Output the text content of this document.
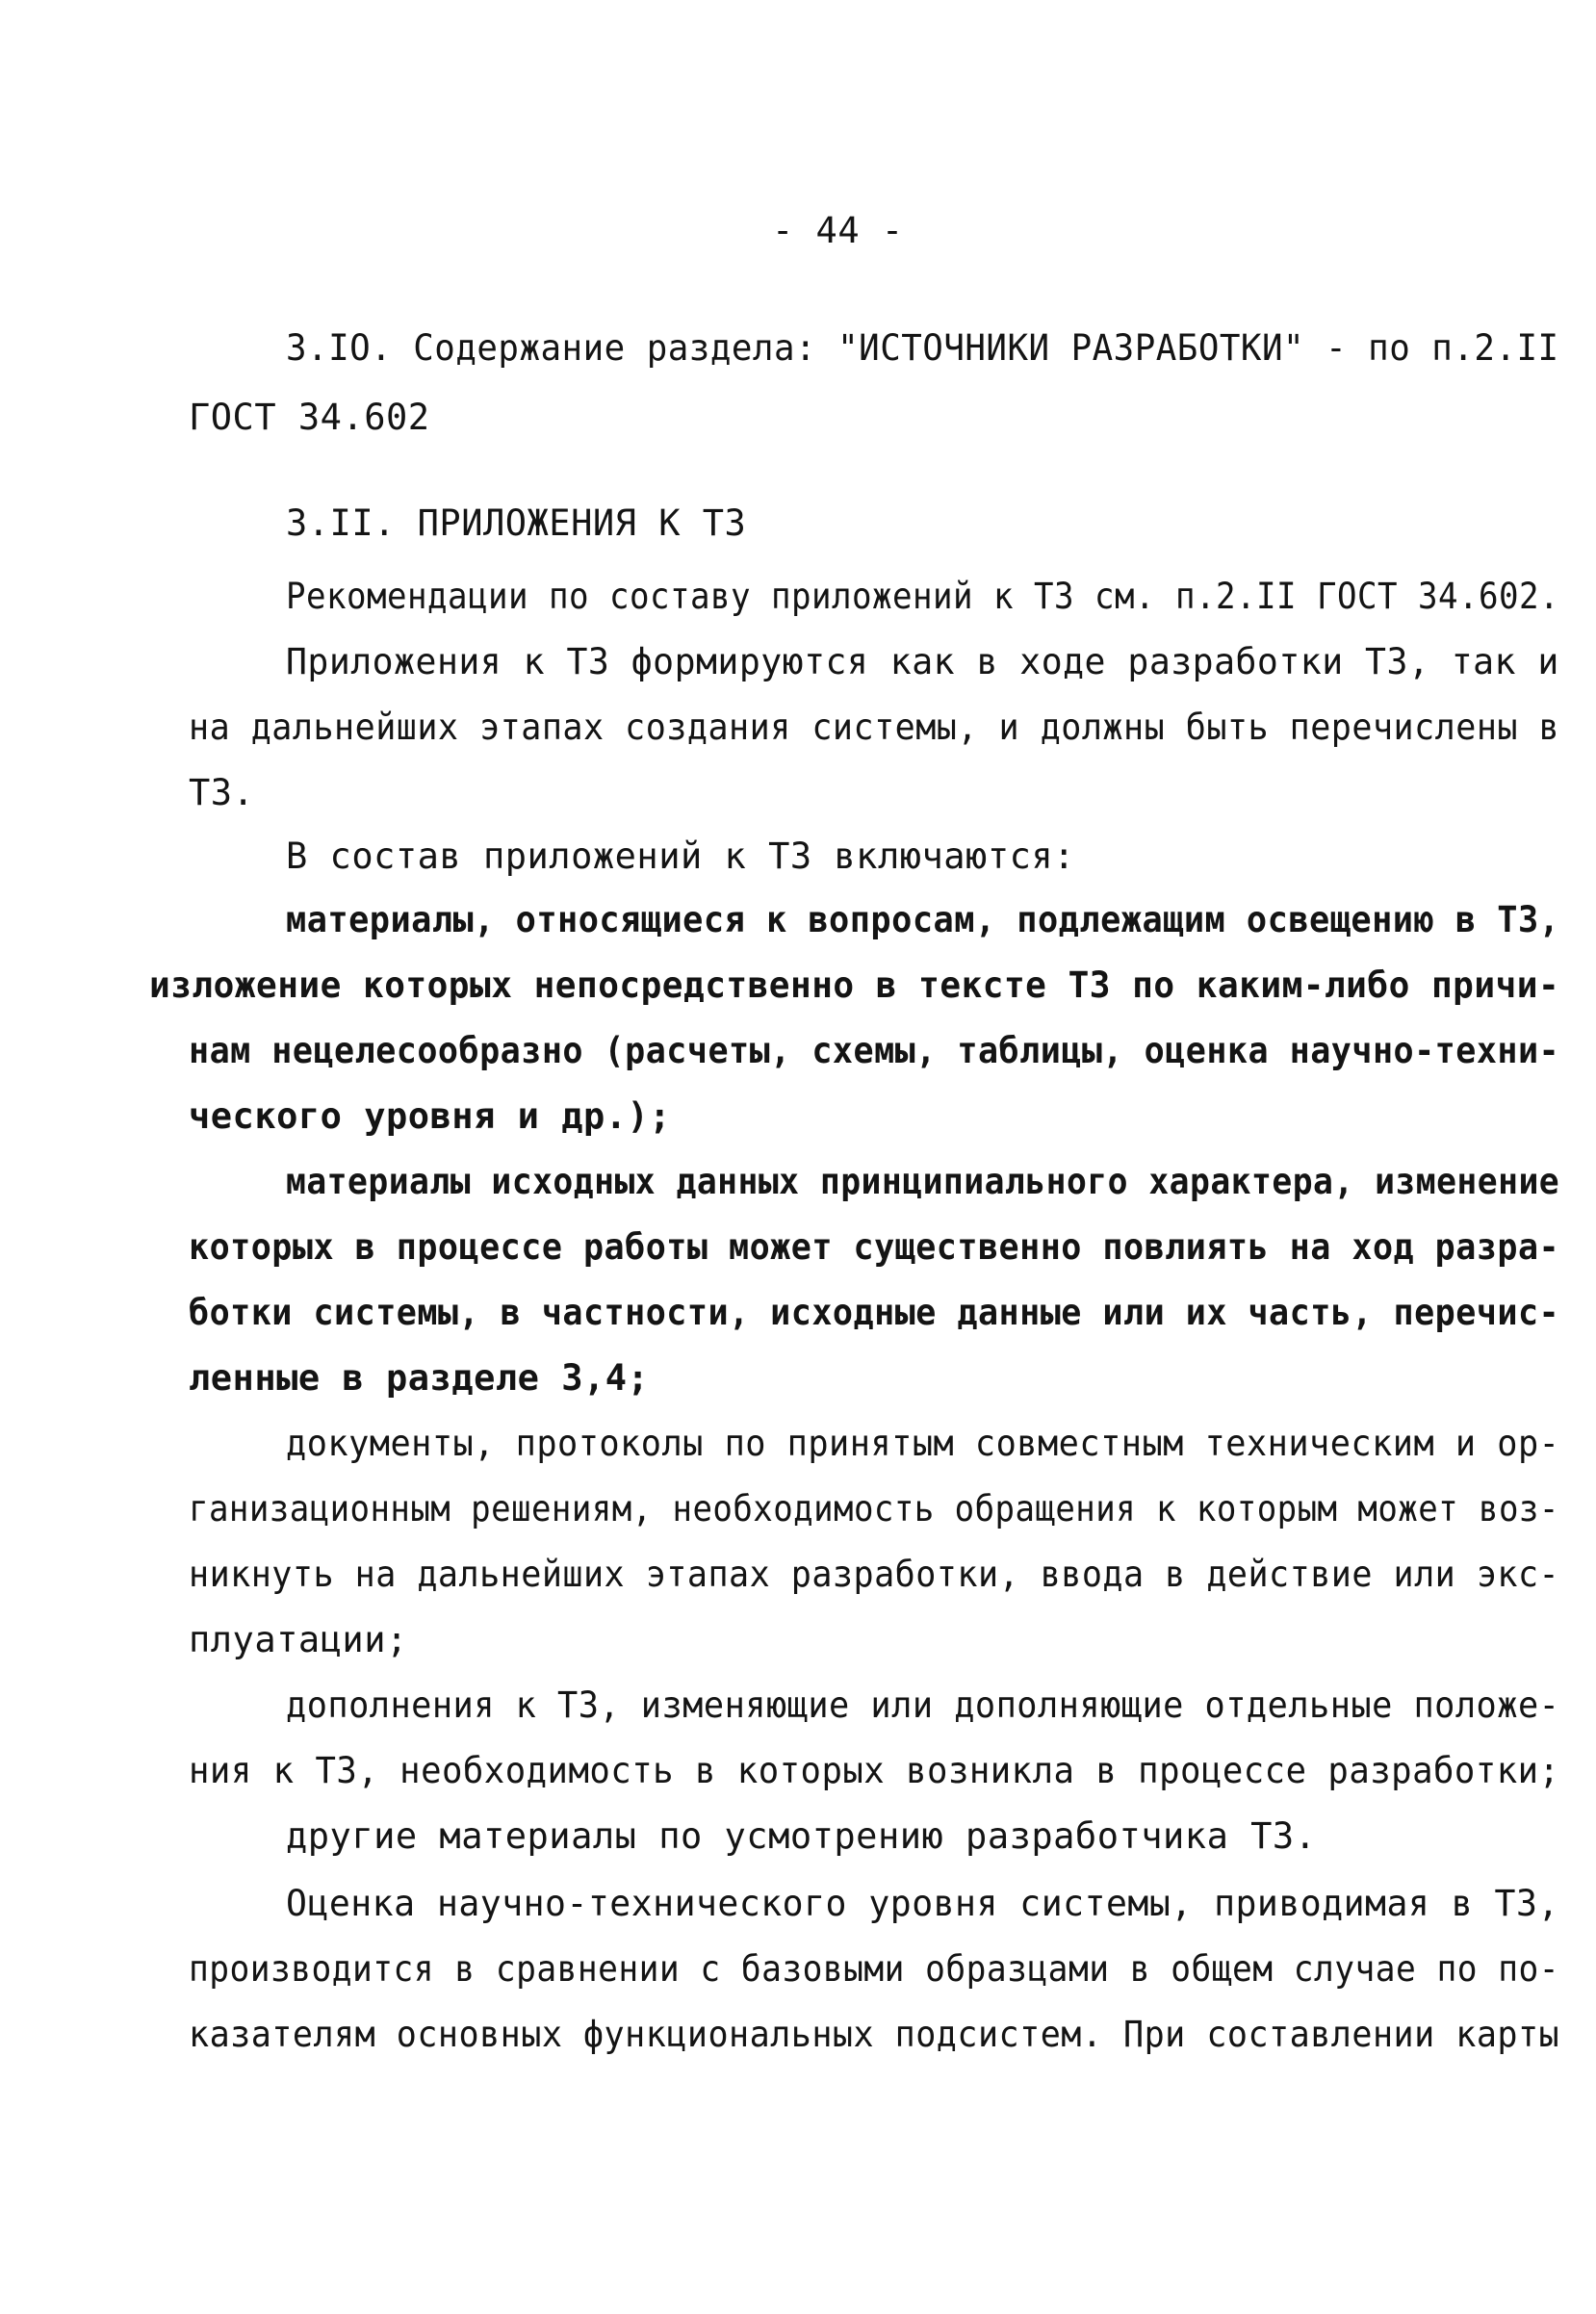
- 44 -
3.IO. Содержание раздела: "ИСТОЧНИКИ РАЗРАБОТКИ" - по п.2.II
ГОСТ 34.602
3.II. ПРИЛОЖЕНИЯ К ТЗ
Рекомендации по составу приложений к ТЗ см. п.2.II ГОСТ 34.602.
Приложения к ТЗ формируются как в ходе разработки ТЗ, так и
на дальнейших этапах создания системы, и должны быть перечислены в
ТЗ.
В состав приложений к ТЗ включаются:
материалы, относящиеся к вопросам, подлежащим освещению в ТЗ,
изложение которых непосредственно в тексте ТЗ по каким-либо причи-
нам нецелесообразно (расчеты, схемы, таблицы, оценка научно-техни-
ческого уровня и др.);
материалы исходных данных принципиального характера, изменение
которых в процессе работы может существенно повлиять на ход разра-
ботки системы, в частности, исходные данные или их часть, перечис-
ленные в разделе 3,4;
документы, протоколы по принятым совместным техническим и ор-
ганизационным решениям, необходимость обращения к которым может воз-
никнуть на дальнейших этапах разработки, ввода в действие или экс-
плуатации;
дополнения к ТЗ, изменяющие или дополняющие отдельные положе-
ния к ТЗ, необходимость в которых возникла в процессе разработки;
другие материалы по усмотрению разработчика ТЗ.
Оценка научно-технического уровня системы, приводимая в ТЗ,
производится в сравнении с базовыми образцами в общем случае по по-
казателям основных функциональных подсистем. При составлении карты
